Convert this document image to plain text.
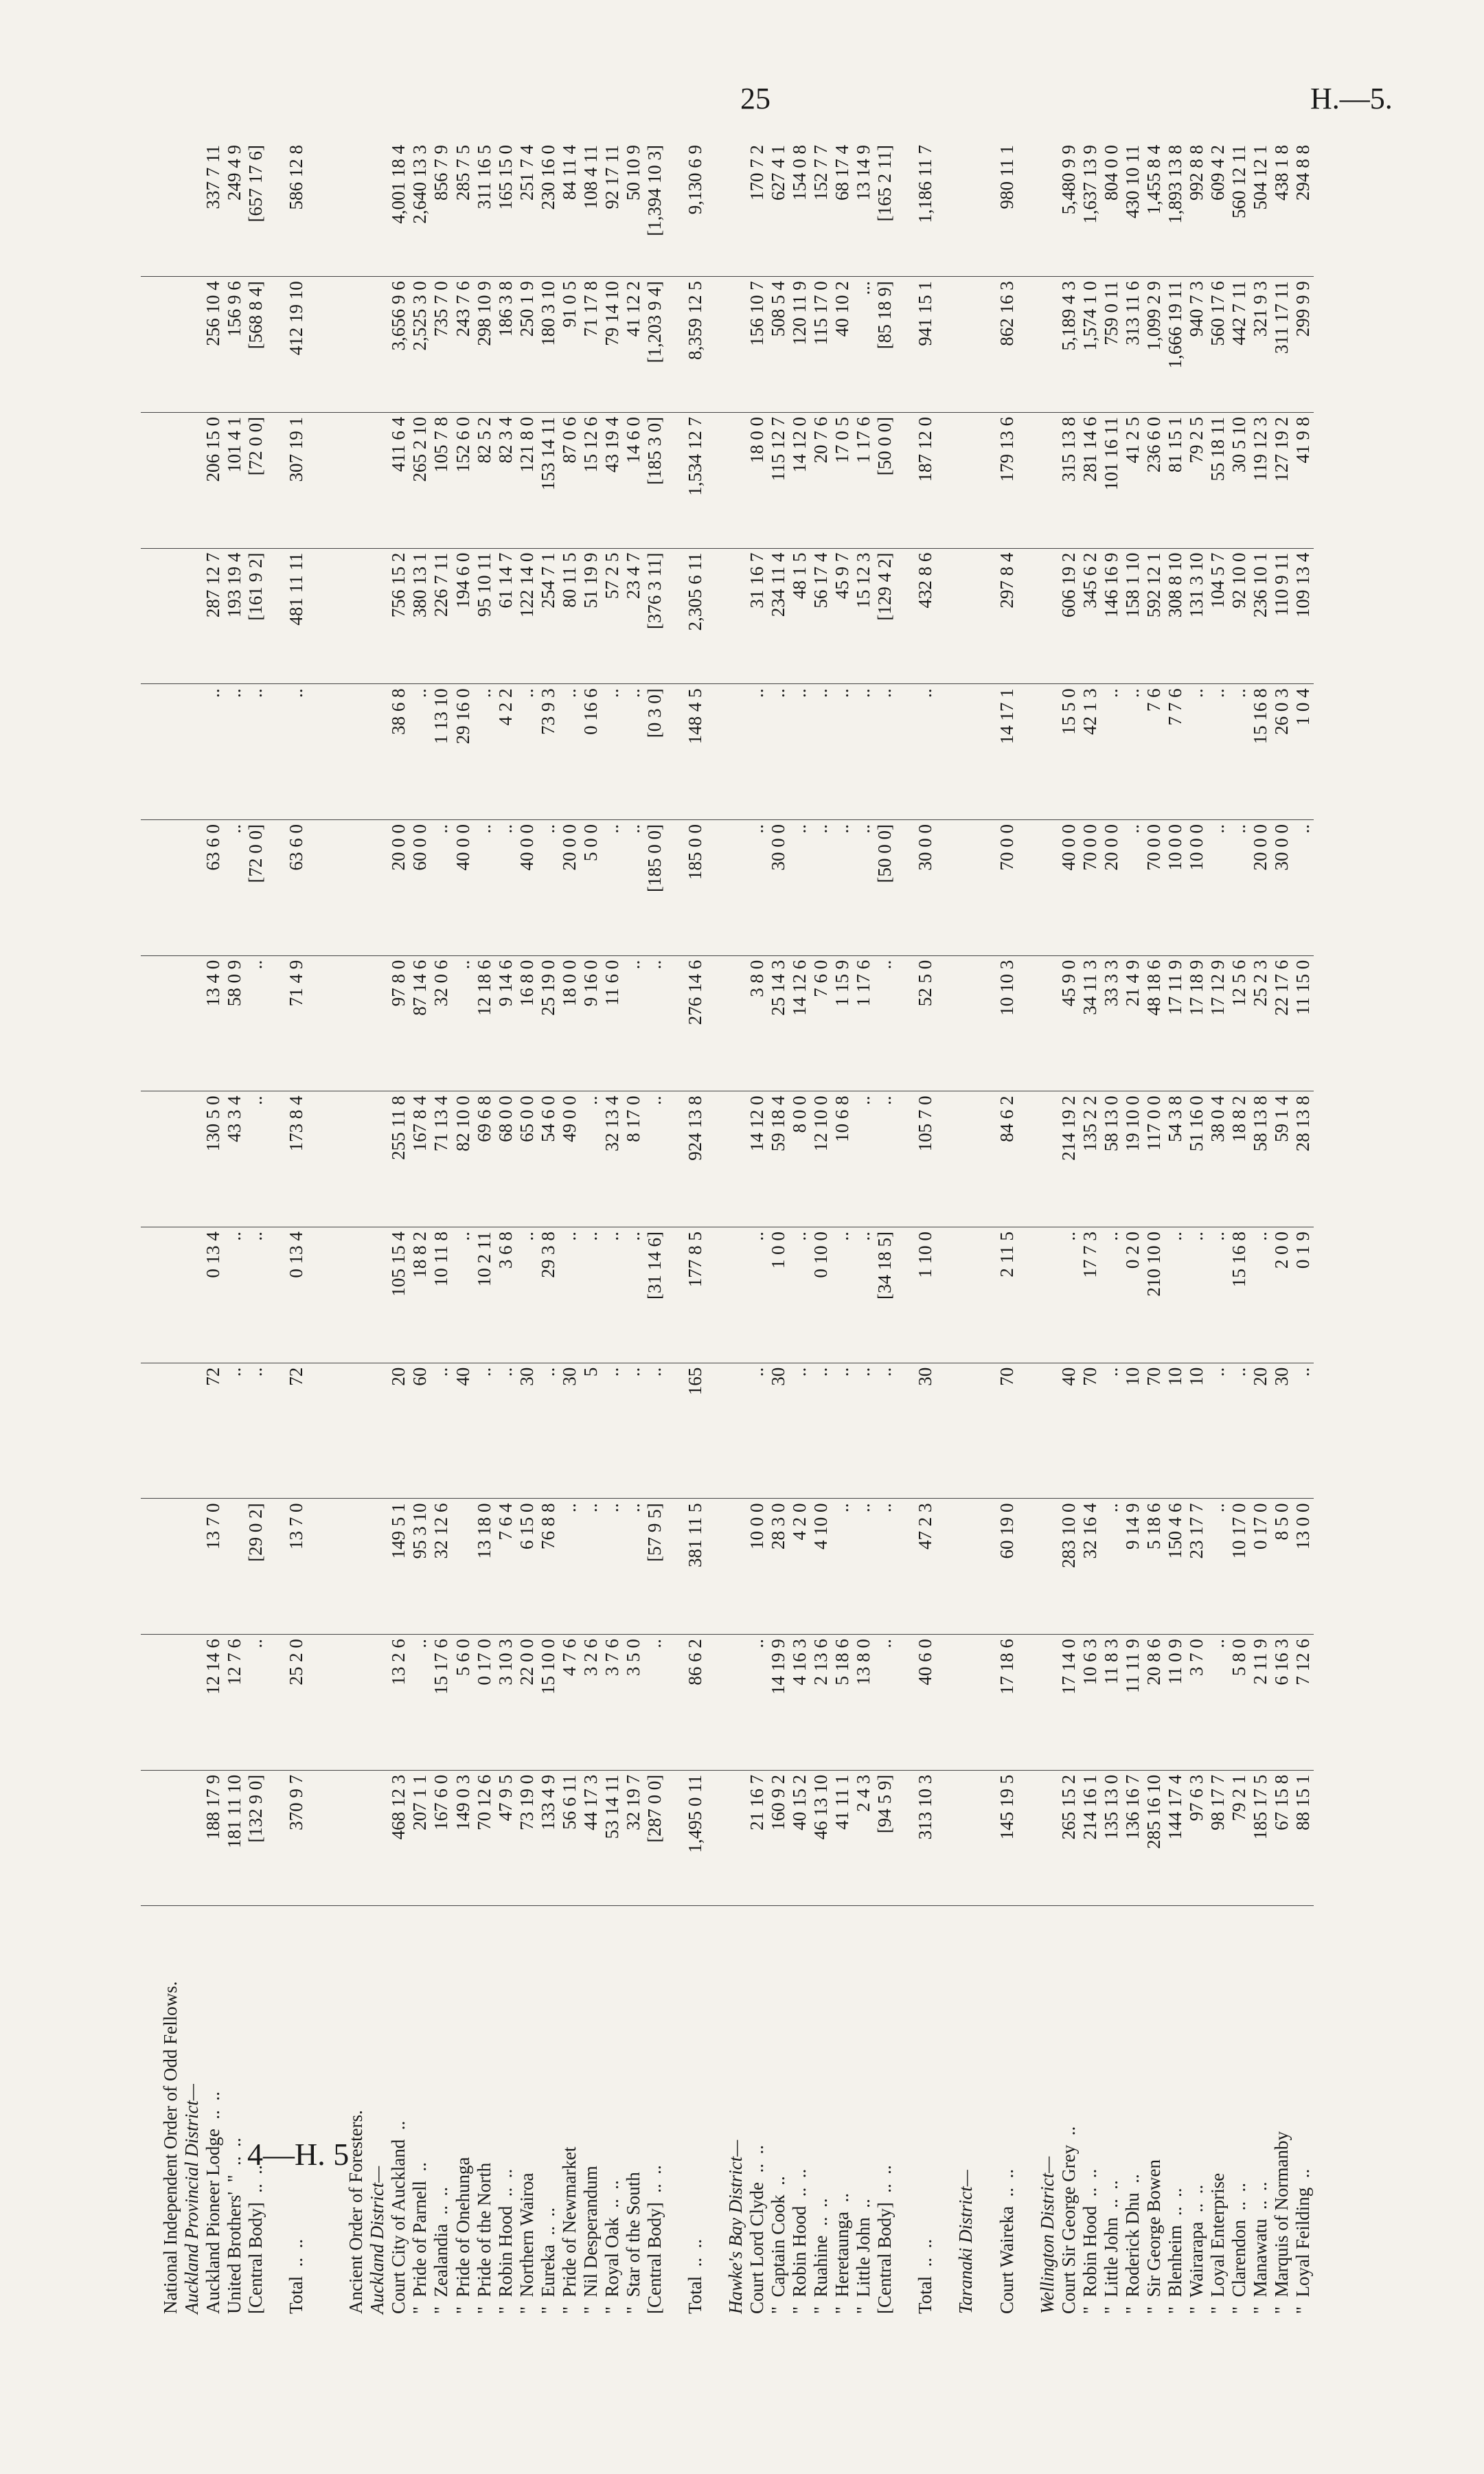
25	H.—5.
4—H. 5
National Independent Order of Odd Fellows.													
Auckland Provincial District—													
Auckland Pioneer Lodge  ..  ..	188 17 9	12 14 6	13 7 0	72	0 13 4	130 5 0	13 4 0	63 6 0	..	287 12 7	206 15 0	256 10 4	337 7 11
United Brothers'  "  ..  ..	181 11 10	12 7 6		..	..	43 3 4	58 0 9	..	..	193 19 4	101 4 1	156 9 6	249 4 9
[Central Body]  ..  ..	[132 9 0]	..	[29 0 2]	..	..	..	..	[72 0 0]	..	[161 9 2]	[72 0 0]	[568 8 4]	[657 17 6]
Total  ..  ..	370 9 7	25 2 0	13 7 0	72	0 13 4	173 8 4	71 4 9	63 6 0	..	481 11 11	307 19 1	412 19 10	586 12 8
Ancient Order of Foresters.													
Auckland District—													
Court City of Auckland  ..	468 12 3	13 2 6	149 5 1	20	105 15 4	255 11 8	97 8 0	20 0 0	38 6 8	756 15 2	411 6 4	3,656 9 6	4,001 18 4
"  Pride of Parnell  ..	207 1 1	..	95 3 10	60	18 8 2	167 8 4	87 14 6	60 0 0	..	380 13 1	265 2 10	2,525 3 0	2,640 13 3
"  Zealandia  ..  ..	167 6 0	15 17 6	32 12 6	..	10 11 8	71 13 4	32 0 6	..	1 13 10	226 7 11	105 7 8	735 7 0	856 7 9
"  Pride of Onehunga	149 0 3	5 6 0		40	..	82 10 0	..	40 0 0	29 16 0	194 6 0	152 6 0	243 7 6	285 7 5
"  Pride of the North	70 12 6	0 17 0	13 18 0	..	10 2 11	69 6 8	12 18 6	..	..	95 10 11	82 5 2	298 10 9	311 16 5
"  Robin Hood  ..  ..	47 9 5	3 10 3	7 6 4	..	3 6 8	68 0 0	9 14 6	..	4 2 2	61 14 7	82 3 4	186 3 8	165 15 0
"  Northern Wairoa	73 19 0	22 0 0	6 15 0	30	..	65 0 0	16 8 0	40 0 0	..	122 14 0	121 8 0	250 1 9	251 7 4
"  Eureka  ..  ..	133 4 9	15 10 0	76 8 8	..	29 3 8	54 6 0	25 19 0	..	73 9 3	254 7 1	153 14 11	180 3 10	230 16 0
"  Pride of Newmarket	56 6 11	4 7 6	..	30	..	49 0 0	18 0 0	20 0 0	..	80 11 5	87 0 6	91 0 5	84 11 4
"  Nil Desperandum	44 17 3	3 2 6	..	5	..	..	9 16 0	5 0 0	0 16 6	51 19 9	15 12 6	71 17 8	108 4 11
"  Royal Oak  ..  ..	53 14 11	3 7 6	..	..	..	32 13 4	11 6 0	..	..	57 2 5	43 19 4	79 14 10	92 17 11
"  Star of the South	32 19 7	3 5 0	..	..	..	8 17 0	..	..	..	23 4 7	14 6 0	41 12 2	50 10 9
[Central Body]  ..  ..	[287 0 0]	..	[57 9 5]	..	[31 14 6]	..	..	[185 0 0]	[0 3 0]	[376 3 11]	[185 3 0]	[1,203 9 4]	[1,394 10 3]
Total  ..  ..	1,495 0 11	86 6 2	381 11 5	165	177 8 5	924 13 8	276 14 6	185 0 0	148 4 5	2,305 6 11	1,534 12 7	8,359 12 5	9,130 6 9
Hawke's Bay District—													
Court Lord Clyde  ..  ..	21 16 7	..	10 0 0	..	..	14 12 0	3 8 0	..	..	31 16 7	18 0 0	156 10 7	170 7 2
"  Captain Cook  ..	160 9 2	14 19 9	28 3 0	30	1 0 0	59 18 4	25 14 3	30 0 0	..	234 11 4	115 12 7	508 5 4	627 4 1
"  Robin Hood  ..  ..	40 15 2	4 16 3	4 2 0	..	..	8 0 0	14 12 6	..	..	48 1 5	14 12 0	120 11 9	154 0 8
"  Ruahine  ..  ..	46 13 10	2 13 6	4 10 0	..	0 10 0	12 10 0	7 6 0	..	..	56 17 4	20 7 6	115 17 0	152 7 7
"  Heretaunga  ..	41 11 1	5 18 6	..	..	..	10 6 8	1 15 9	..	..	45 9 7	17 0 5	40 10 2	68 17 4
"  Little John  ..	2 4 3	13 8 0	..	..	..	..	1 17 6	..	..	15 12 3	1 17 6	...	13 14 9
[Central Body]  ..  ..	[94 5 9]	..	..	..	[34 18 5]	..	..	[50 0 0]	..	[129 4 2]	[50 0 0]	[85 18 9]	[165 2 11]
Total  ..  ..	313 10 3	40 6 0	47 2 3	30	1 10 0	105 7 0	52 5 0	30 0 0	..	432 8 6	187 12 0	941 15 1	1,186 11 7
Taranaki District—													
Court Waireka  ..  ..	145 19 5	17 18 6	60 19 0	70	2 11 5	84 6 2	10 10 3	70 0 0	14 17 1	297 8 4	179 13 6	862 16 3	980 11 1
Wellington District—													
Court Sir George Grey  ..	265 15 2	17 14 0	283 10 0	40	..	214 19 2	45 9 0	40 0 0	15 5 0	606 19 2	315 13 8	5,189 4 3	5,480 9 9
"  Robin Hood  ..  ..	214 16 1	10 6 3	32 16 4	70	17 7 3	135 2 2	34 11 3	70 0 0	42 1 3	345 6 2	281 14 6	1,574 1 0	1,637 13 9
"  Little John  ..  ..	135 13 0	11 8 3	..	..	..	58 13 0	33 3 3	20 0 0	..	146 16 9	101 16 11	759 0 11	804 0 0
"  Roderick Dhu  ..	136 16 7	11 11 9	9 14 9	10	0 2 0	19 10 0	21 4 9	..	..	158 1 10	41 2 5	313 11 6	430 10 11
"  Sir George Bowen	285 16 10	20 8 6	5 18 6	70	210 10 0	117 0 0	48 18 6	70 0 0	7 6	592 12 1	236 6 0	1,099 2 9	1,455 8 4
"  Blenheim  ..  ..	144 17 4	11 0 9	150 4 6	10	..	54 3 8	17 11 9	10 0 0	7 7 6	308 8 10	81 15 1	1,666 19 11	1,893 13 8
"  Wairarapa  ..  ..	97 6 3	3 7 0	23 17 7	10	..	51 16 0	17 18 9	10 0 0	..	131 3 10	79 2 5	940 7 3	992 8 8
"  Loyal Enterprise	98 17 7	..	..	..	..	38 0 4	17 12 9	..	..	104 5 7	55 18 11	560 17 6	609 4 2
"  Clarendon  ..  ..	79 2 1	5 8 0	10 17 0	..	15 16 8	18 8 2	12 5 6	..	..	92 10 0	30 5 10	442 7 11	560 12 11
"  Manawatu  ..  ..	185 17 5	2 11 9	0 17 0	20	..	58 13 8	25 2 3	20 0 0	15 16 8	236 10 1	119 12 3	321 9 3	504 12 1
"  Marquis of Normanby	67 15 8	6 16 3	8 5 0	30	2 0 0	59 1 4	22 17 6	30 0 0	26 0 3	110 9 11	127 19 2	311 17 11	438 1 8
"  Loyal Feilding  ..	88 15 1	7 12 6	13 0 0	..	0 1 9	28 13 8	11 15 0	..	1 0 4	109 13 4	41 9 8	299 9 9	294 8 8
